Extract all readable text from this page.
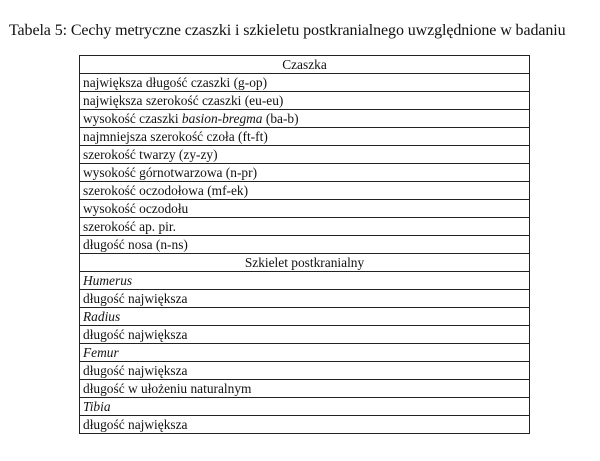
Tabela 5: Cechy metryczne czaszki i szkieletu postkranialnego uwzględnione w badaniu
Czaszka
największa długość czaszki (g-op)
największa szerokość czaszki (eu-eu)
wysokość czaszki basion-bregma (ba-b)
najmniejsza szerokość czoła (ft-ft)
szerokość twarzy (zy-zy)
wysokość górnotwarzowa (n-pr)
szerokość oczodołowa (mf-ek)
wysokość oczodołu
szerokość ap. pir.
długość nosa (n-ns)
Szkielet postkranialny
Humerus
długość największa
Radius
długość największa
Femur
długość największa
długość w ułożeniu naturalnym
Tibia
długość największa
